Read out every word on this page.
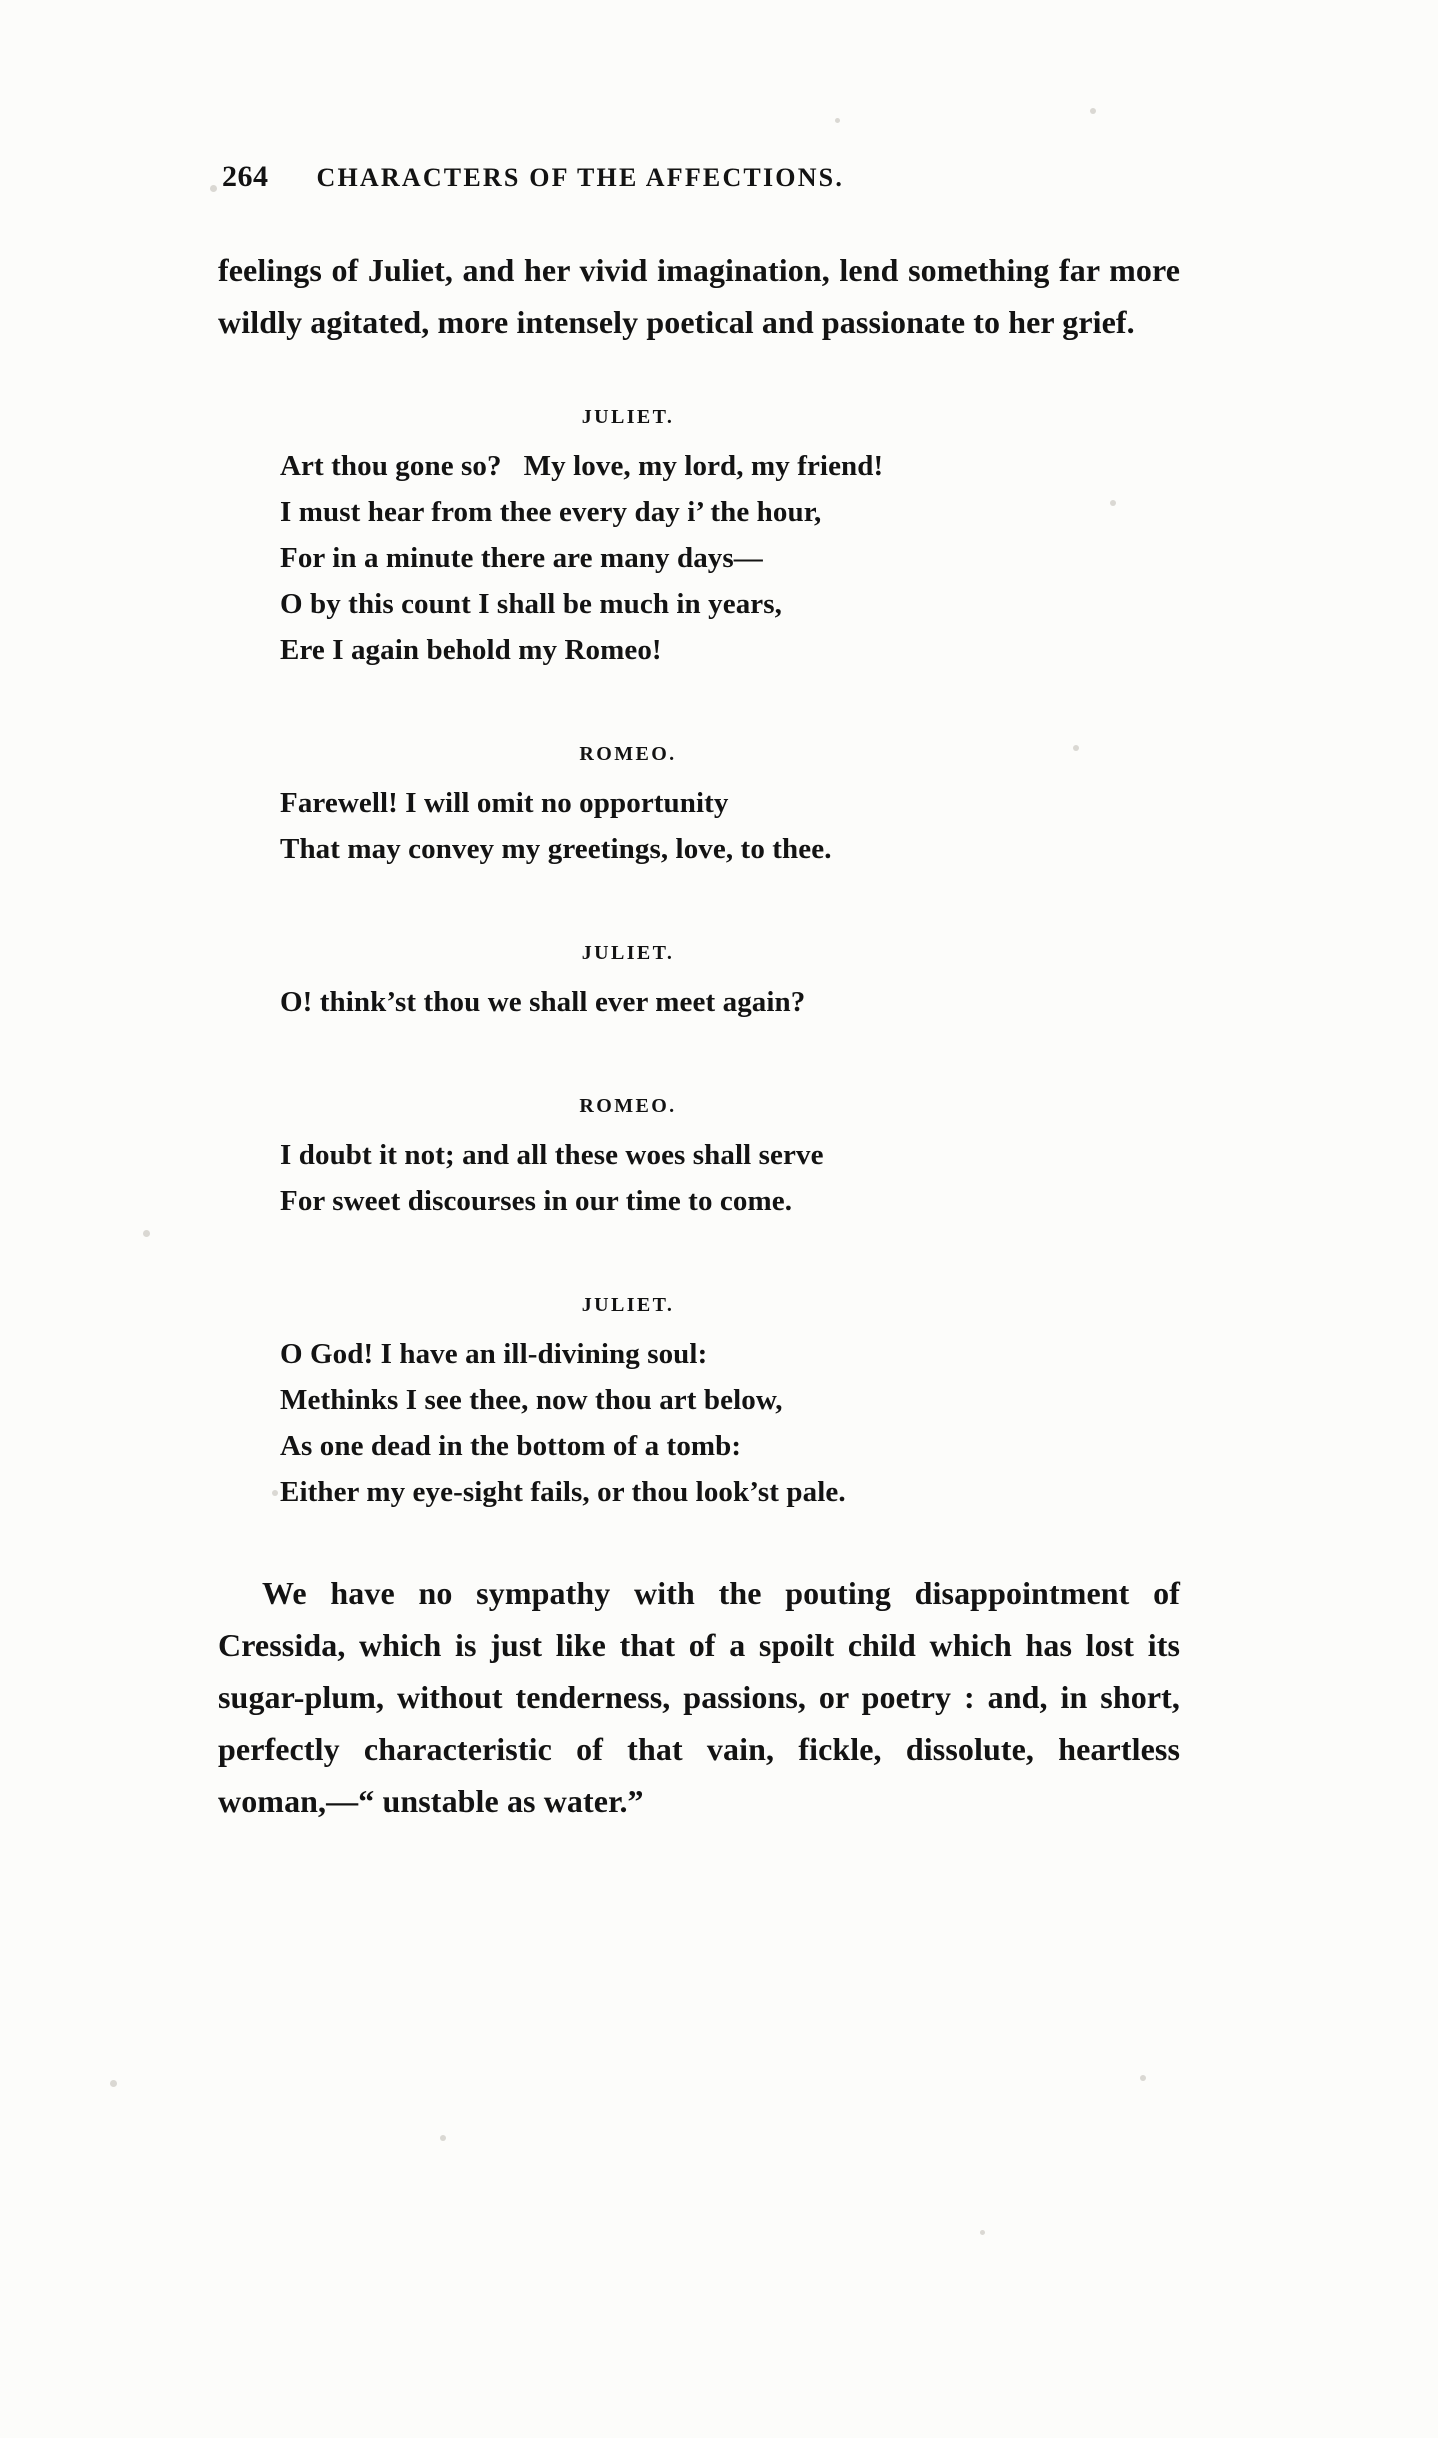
264 CHARACTERS OF THE AFFECTIONS.

feelings of Juliet, and her vivid imagination, lend something far more wildly agitated, more intensely poetical and passionate to her grief.

JULIET.
Art thou gone so?   My love, my lord, my friend!
I must hear from thee every day i’ the hour,
For in a minute there are many days—
O by this count I shall be much in years,
Ere I again behold my Romeo!
ROMEO.
Farewell! I will omit no opportunity
That may convey my greetings, love, to thee.
JULIET.
O! think’st thou we shall ever meet again?
ROMEO.
I doubt it not; and all these woes shall serve
For sweet discourses in our time to come.
JULIET.
O God! I have an ill-divining soul:
Methinks I see thee, now thou art below,
As one dead in the bottom of a tomb:
Either my eye-sight fails, or thou look’st pale.

We have no sympathy with the pouting disappointment of Cressida, which is just like that of a spoilt child which has lost its sugar-plum, without tenderness, passions, or poetry : and, in short, perfectly characteristic of that vain, fickle, dissolute, heartless woman,—“ unstable as water.”
